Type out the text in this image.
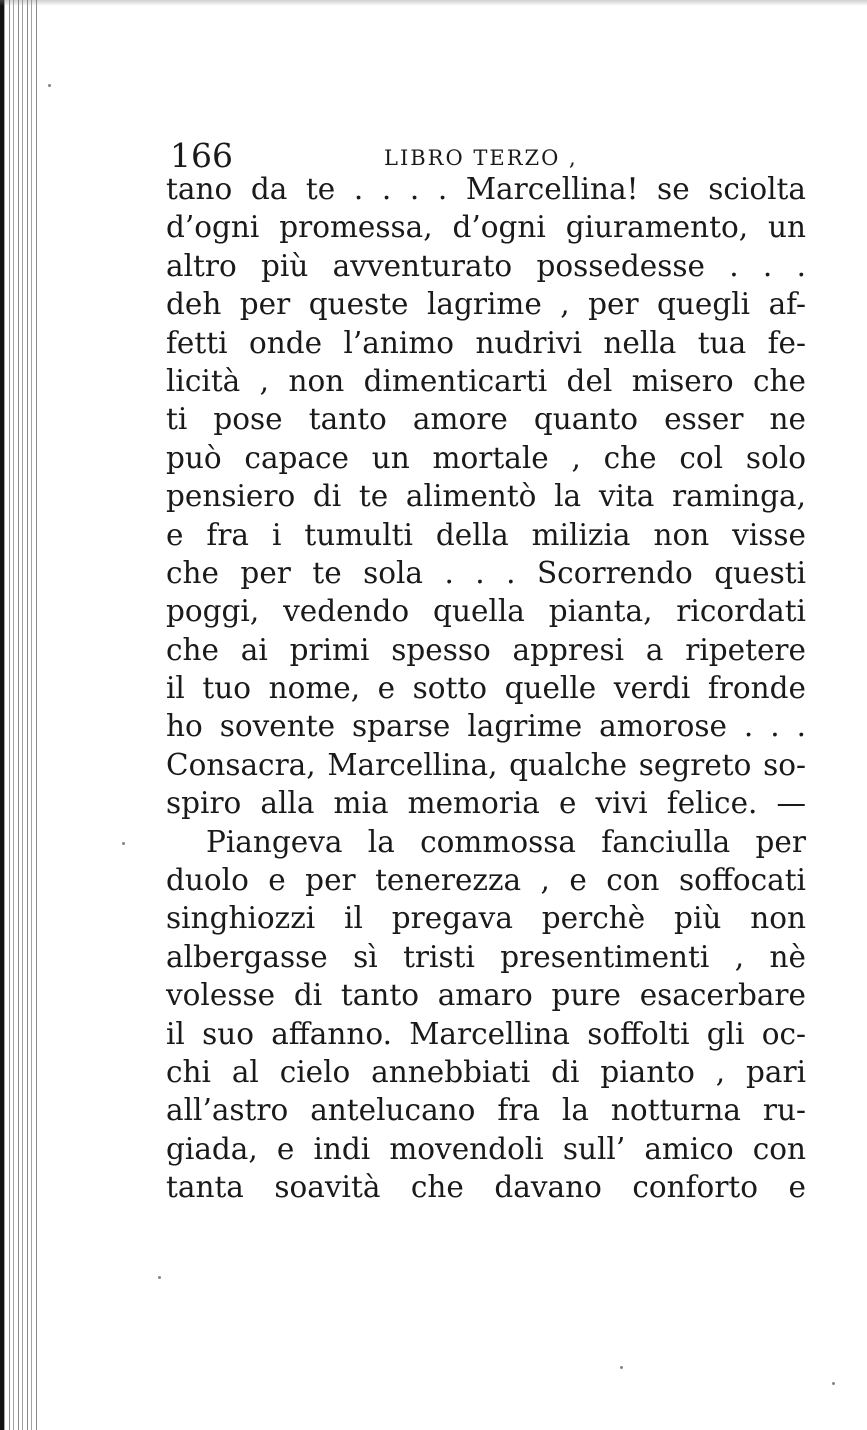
166	LIBRO TERZO ,
tano da te . . . . Marcellina! se sciolta
d’ogni promessa, d’ogni giuramento, un
altro più avventurato possedesse . . .
deh per queste lagrime , per quegli af-
fetti onde l’animo nudrivi nella tua fe-
licità , non dimenticarti del misero che
ti pose tanto amore quanto esser ne
può capace un mortale , che col solo
pensiero di te alimentò la vita raminga,
e fra i tumulti della milizia non visse
che per te sola . . . Scorrendo questi
poggi, vedendo quella pianta, ricordati
che ai primi spesso appresi a ripetere
il tuo nome, e sotto quelle verdi fronde
ho sovente sparse lagrime amorose . . .
Consacra, Marcellina, qualche segreto so-
spiro alla mia memoria e vivi felice. —
Piangeva la commossa fanciulla per
duolo e per tenerezza , e con soffocati
singhiozzi il pregava perchè più non
albergasse sì tristi presentimenti , nè
volesse di tanto amaro pure esacerbare
il suo affanno. Marcellina soffolti gli oc-
chi al cielo annebbiati di pianto , pari
all’astro antelucano fra la notturna ru-
giada, e indi movendoli sull’ amico con
tanta soavità che davano conforto e
